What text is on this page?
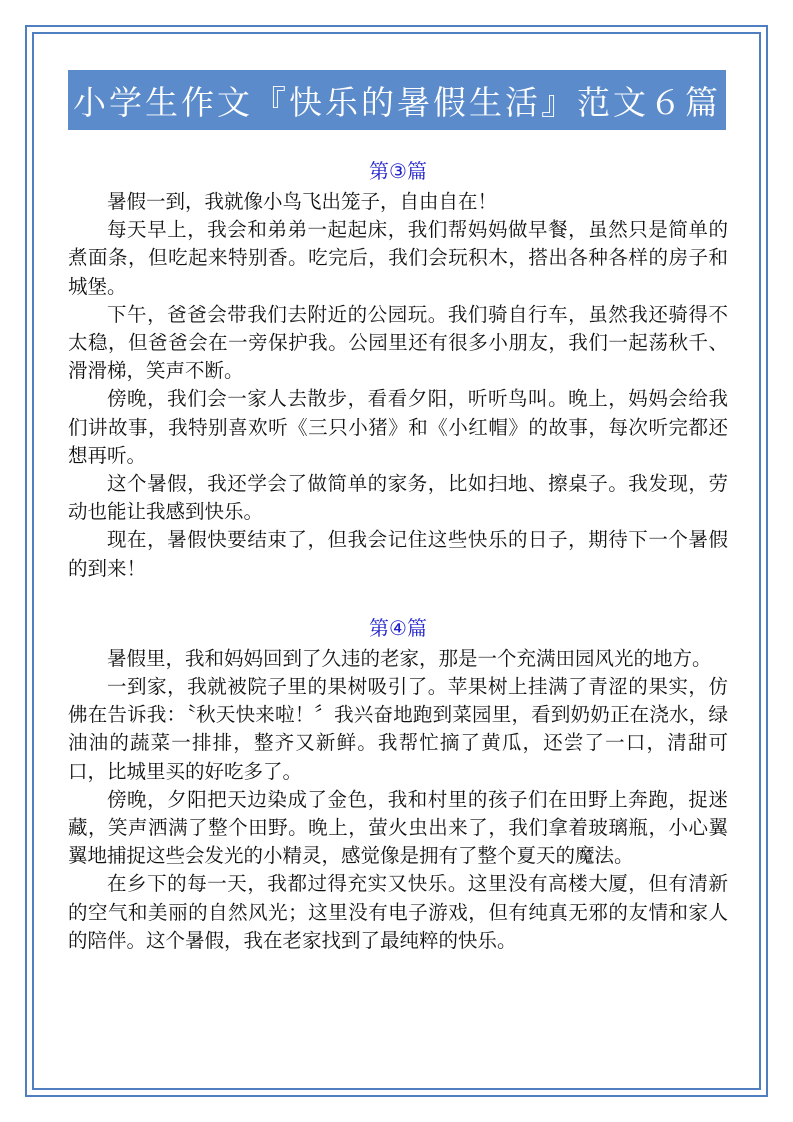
小学生作文『快乐的暑假生活』范文６篇
第③篇

暑假一到，我就像小鸟飞出笼子，自由自在！

每天早上，我会和弟弟一起起床，我们帮妈妈做早餐，虽然只是简单的煮面条，但吃起来特别香。吃完后，我们会玩积木，搭出各种各样的房子和城堡。

下午，爸爸会带我们去附近的公园玩。我们骑自行车，虽然我还骑得不太稳，但爸爸会在一旁保护我。公园里还有很多小朋友，我们一起荡秋千、滑滑梯，笑声不断。

傍晚，我们会一家人去散步，看看夕阳，听听鸟叫。晚上，妈妈会给我们讲故事，我特别喜欢听《三只小猪》和《小红帽》的故事，每次听完都还想再听。

这个暑假，我还学会了做简单的家务，比如扫地、擦桌子。我发现，劳动也能让我感到快乐。

现在，暑假快要结束了，但我会记住这些快乐的日子，期待下一个暑假的到来！

第④篇

暑假里，我和妈妈回到了久违的老家，那是一个充满田园风光的地方。

一到家，我就被院子里的果树吸引了。苹果树上挂满了青涩的果实，仿佛在告诉我：〝秋天快来啦！〞我兴奋地跑到菜园里，看到奶奶正在浇水，绿油油的蔬菜一排排，整齐又新鲜。我帮忙摘了黄瓜，还尝了一口，清甜可口，比城里买的好吃多了。

傍晚，夕阳把天边染成了金色，我和村里的孩子们在田野上奔跑，捉迷藏，笑声洒满了整个田野。晚上，萤火虫出来了，我们拿着玻璃瓶，小心翼翼地捕捉这些会发光的小精灵，感觉像是拥有了整个夏天的魔法。

在乡下的每一天，我都过得充实又快乐。这里没有高楼大厦，但有清新的空气和美丽的自然风光；这里没有电子游戏，但有纯真无邪的友情和家人的陪伴。这个暑假，我在老家找到了最纯粹的快乐。
